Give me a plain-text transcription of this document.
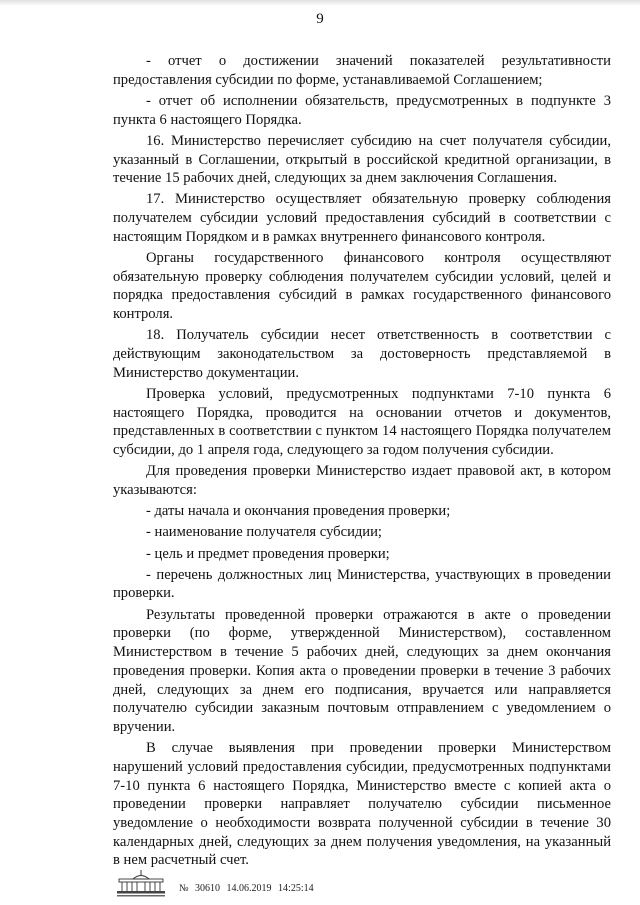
9

- отчет о достижении значений показателей результативности предоставления субсидии по форме, устанавливаемой Соглашением;

- отчет об исполнении обязательств, предусмотренных в подпункте 3 пункта 6 настоящего Порядка.

16. Министерство перечисляет субсидию на счет получателя субсидии, указанный в Соглашении, открытый в российской кредитной организации, в течение 15 рабочих дней, следующих за днем заключения Соглашения.

17. Министерство осуществляет обязательную проверку соблюдения получателем субсидии условий предоставления субсидий в соответствии с настоящим Порядком и в рамках внутреннего финансового контроля.

Органы государственного финансового контроля осуществляют обязательную проверку соблюдения получателем субсидии условий, целей и порядка предоставления субсидий в рамках государственного финансового контроля.

18. Получатель субсидии несет ответственность в соответствии с действующим законодательством за достоверность представляемой в Министерство документации.

Проверка условий, предусмотренных подпунктами 7-10 пункта 6 настоящего Порядка, проводится на основании отчетов и документов, представленных в соответствии с пунктом 14 настоящего Порядка получателем субсидии, до 1 апреля года, следующего за годом получения субсидии.

Для проведения проверки Министерство издает правовой акт, в котором указываются:

- даты начала и окончания проведения проверки;

- наименование получателя субсидии;

- цель и предмет проведения проверки;

- перечень должностных лиц Министерства, участвующих в проведении проверки.

Результаты проведенной проверки отражаются в акте о проведении проверки (по форме, утвержденной Министерством), составленном Министерством в течение 5 рабочих дней, следующих за днем окончания проведения проверки. Копия акта о проведении проверки в течение 3 рабочих дней, следующих за днем его подписания, вручается или направляется получателю субсидии заказным почтовым отправлением с уведомлением о вручении.

В случае выявления при проведении проверки Министерством нарушений условий предоставления субсидии, предусмотренных подпунктами 7-10 пункта 6 настоящего Порядка, Министерство вместе с копией акта о проведении проверки направляет получателю субсидии письменное уведомление о необходимости возврата полученной субсидии в течение 30 календарных дней, следующих за днем получения уведомления, на указанный в нем расчетный счет.

№ 30610 14.06.2019 14:25:14
